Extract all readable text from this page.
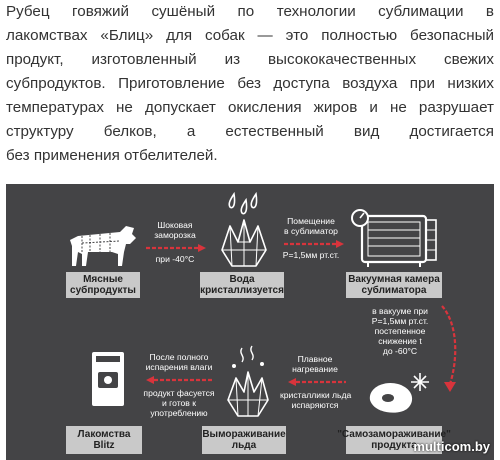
Рубец говяжий сушёный по технологии сублимации в
лакомствах «Блиц» для собак — это полностью безопасный
продукт, изготовленный из высококачественных свежих
субпродуктов. Приготовление без доступа воздуха при низких
температурах не допускает окисления жиров и не разрушает
структуру белков, а естественный вид достигается
без применения отбелителей.

Мясные субпродукты
Шоковая
заморозка
при -40°C
Вода кристаллизуется
Помещение
в сублиматор
Р=1,5мм рт.ст.
Вакуумная камера сублиматора
в вакууме при
Р=1,5мм рт.ст.
постепенное
снижение t
до -60°C
Лакомства Blitz
После полного
испарения влаги
продукт фасуется
и готов к
употреблению
Вымораживание льда
Плавное
нагревание
кристаллики льда
испаряются
"Самозамораживание" продукта
multicom.by
